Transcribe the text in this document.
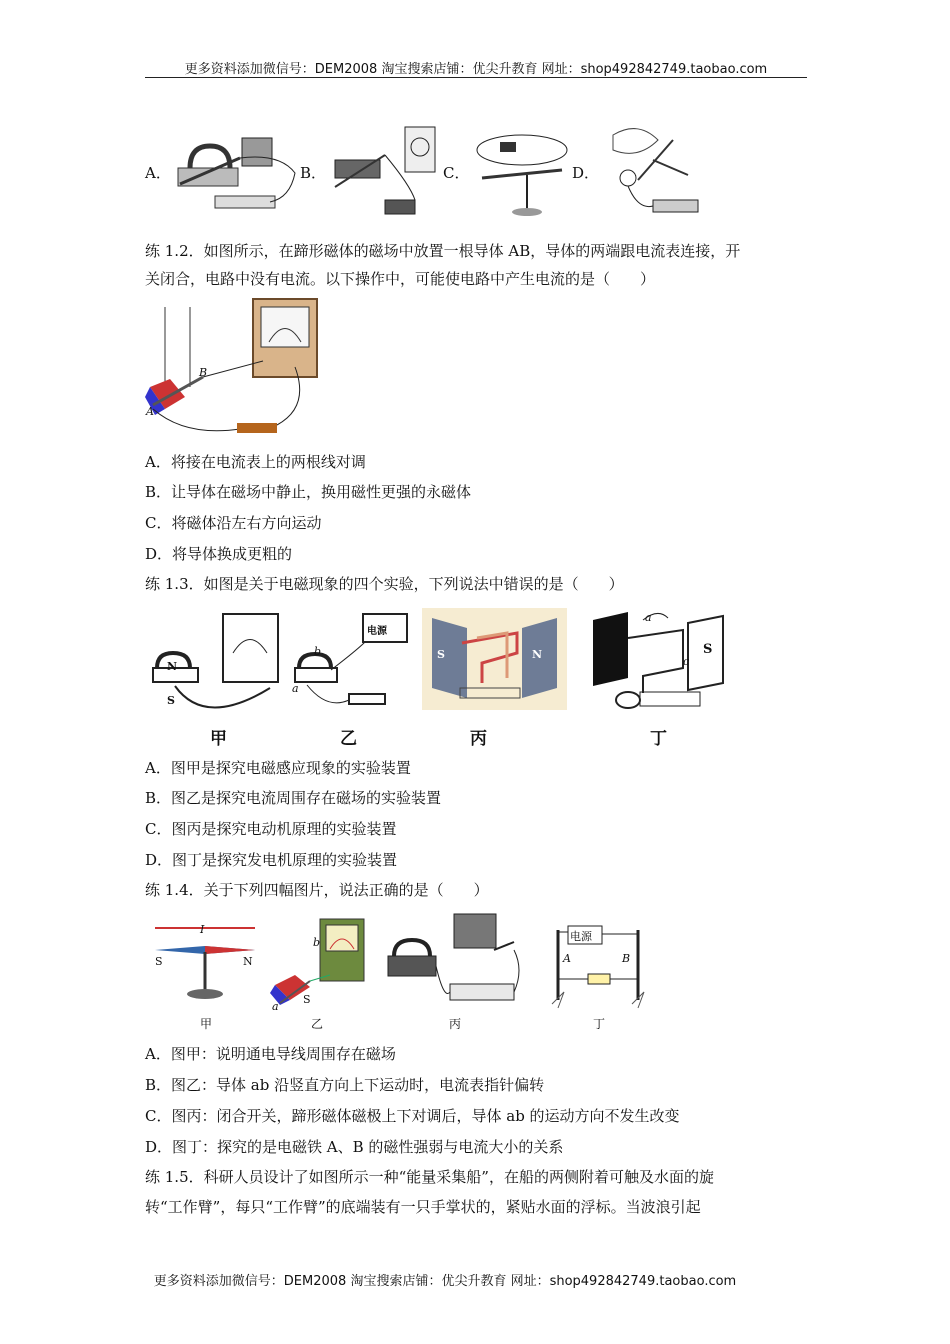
更多资料添加微信号：DEM2008 淘宝搜索店铺：优尖升教育 网址：shop492842749.taobao.com
A．	B．	C．	D．
练 1.2．如图所示，在蹄形磁体的磁场中放置一根导体 AB，导体的两端跟电流表连接，开
关闭合，电路中没有电流。以下操作中，可能使电路中产生电流的是（　　）
B
A
A．将接在电流表上的两根线对调
B．让导体在磁场中静止，换用磁性更强的永磁体
C．将磁体沿左右方向运动
D．将导体换成更粗的
练 1.3．如图是关于电磁现象的四个实验，下列说法中错误的是（　　）
N
S
电源
b
a
S	N
a
c
S
甲	乙	丙	丁
A．图甲是探究电磁感应现象的实验装置
B．图乙是探究电流周围存在磁场的实验装置
C．图丙是探究电动机原理的实验装置
D．图丁是探究发电机原理的实验装置
练 1.4．关于下列四幅图片，说法正确的是（　　）
I
S	N
b
S
a
电源
A	B
甲	乙	丙	丁
A．图甲：说明通电导线周围存在磁场
B．图乙：导体 ab 沿竖直方向上下运动时，电流表指针偏转
C．图丙：闭合开关，蹄形磁体磁极上下对调后，导体 ab 的运动方向不发生改变
D．图丁：探究的是电磁铁 A、B 的磁性强弱与电流大小的关系
练 1.5．科研人员设计了如图所示一种“能量采集船”，在船的两侧附着可触及水面的旋
转“工作臂”，每只“工作臂”的底端装有一只手掌状的，紧贴水面的浮标。当波浪引起
更多资料添加微信号：DEM2008 淘宝搜索店铺：优尖升教育 网址：shop492842749.taobao.com
